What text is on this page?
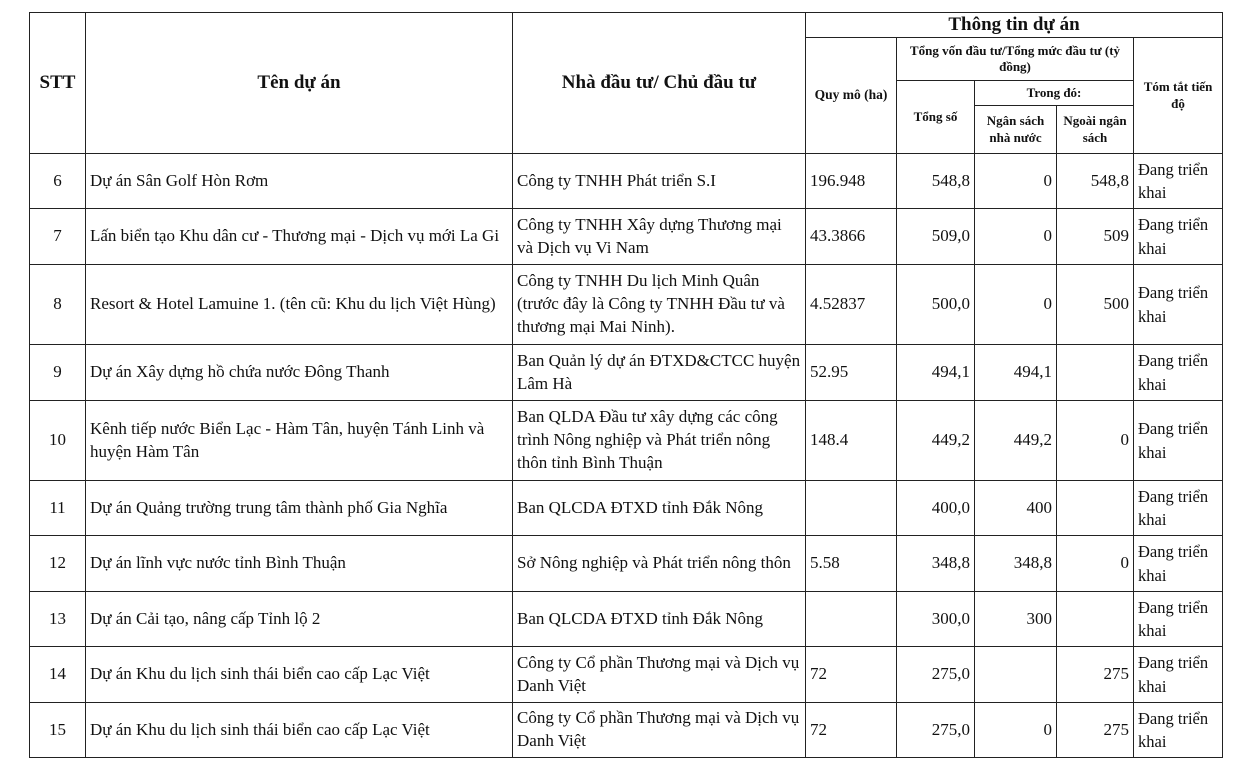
STT	Tên dự án	Nhà đầu tư/ Chủ đầu tư	Thông tin dự án				
			Quy mô (ha)	Tổng vốn đầu tư/Tổng mức đầu tư (tỷ đồng)			Tóm tắt tiến độ
				Tổng số	Trong đó:		
					Ngân sách nhà nước	Ngoài ngân sách	
6	Dự án Sân Golf Hòn Rơm	Công ty TNHH Phát triển S.I	196.948	548,8	0	548,8	Đang triển khai
7	Lấn biển tạo Khu dân cư - Thương mại - Dịch vụ mới La Gi	Công ty TNHH Xây dựng Thương mại và Dịch vụ Vi Nam	43.3866	509,0	0	509	Đang triển khai
8	Resort & Hotel Lamuine 1. (tên cũ: Khu du lịch Việt Hùng)	Công ty TNHH Du lịch Minh Quân (trước đây là Công ty TNHH Đầu tư và thương mại Mai Ninh).	4.52837	500,0	0	500	Đang triển khai
9	Dự án Xây dựng hồ chứa nước Đông Thanh	Ban Quản lý dự án ĐTXD&CTCC huyện Lâm Hà	52.95	494,1	494,1		Đang triển khai
10	Kênh tiếp nước Biển Lạc - Hàm Tân, huyện Tánh Linh và huyện Hàm Tân	Ban QLDA Đầu tư xây dựng các công trình Nông nghiệp và Phát triển nông thôn tỉnh Bình Thuận	148.4	449,2	449,2	0	Đang triển khai
11	Dự án Quảng trường trung tâm thành phố Gia Nghĩa	Ban QLCDA ĐTXD tỉnh Đắk Nông		400,0	400		Đang triển khai
12	Dự án lĩnh vực nước tỉnh Bình Thuận	Sở Nông nghiệp và Phát triển nông thôn	5.58	348,8	348,8	0	Đang triển khai
13	Dự án Cải tạo, nâng cấp Tỉnh lộ 2	Ban QLCDA ĐTXD tỉnh Đắk Nông		300,0	300		Đang triển khai
14	Dự án Khu du lịch sinh thái biển cao cấp Lạc Việt	Công ty Cổ phần Thương mại và Dịch vụ Danh Việt	72	275,0		275	Đang triển khai
15	Dự án Khu du lịch sinh thái biển cao cấp Lạc Việt	Công ty Cổ phần Thương mại và Dịch vụ Danh Việt	72	275,0	0	275	Đang triển khai
